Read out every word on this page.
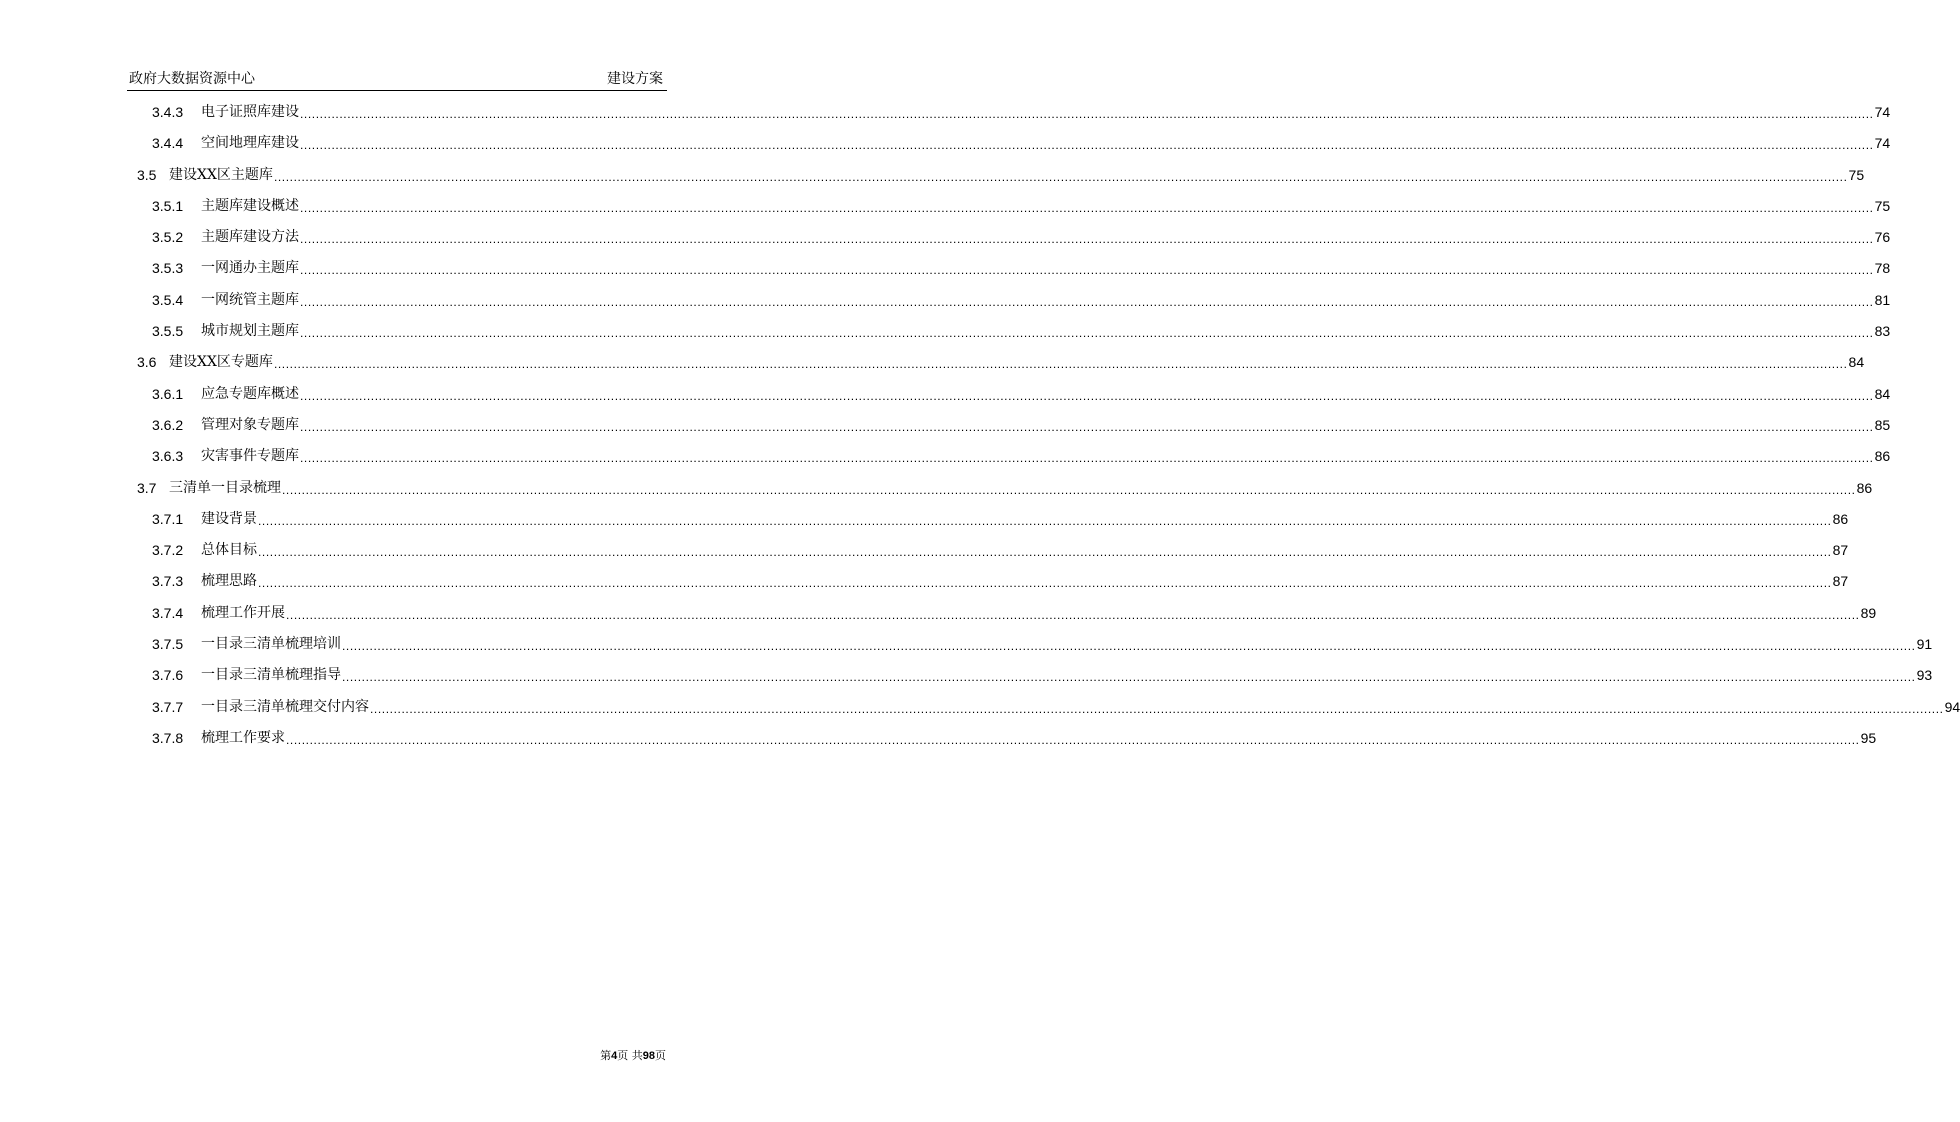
政府大数据资源中心	建设方案
3.4.3 电子证照库建设 ................................................................................................................................................................................................................................................................................................................................................................................................................ 74
3.4.4 空间地理库建设 ................................................................................................................................................................................................................................................................................................................................................................................................................ 74
3.5 建设XX区主题库 ................................................................................................................................................................................................................................................................................................................................................................................................................ 75
3.5.1 主题库建设概述 ................................................................................................................................................................................................................................................................................................................................................................................................................ 75
3.5.2 主题库建设方法 ................................................................................................................................................................................................................................................................................................................................................................................................................ 76
3.5.3 一网通办主题库 ................................................................................................................................................................................................................................................................................................................................................................................................................ 78
3.5.4 一网统管主题库 ................................................................................................................................................................................................................................................................................................................................................................................................................ 81
3.5.5 城市规划主题库 ................................................................................................................................................................................................................................................................................................................................................................................................................ 83
3.6 建设XX区专题库 ................................................................................................................................................................................................................................................................................................................................................................................................................ 84
3.6.1 应急专题库概述 ................................................................................................................................................................................................................................................................................................................................................................................................................ 84
3.6.2 管理对象专题库 ................................................................................................................................................................................................................................................................................................................................................................................................................ 85
3.6.3 灾害事件专题库 ................................................................................................................................................................................................................................................................................................................................................................................................................ 86
3.7 三清单一目录梳理 ................................................................................................................................................................................................................................................................................................................................................................................................................ 86
3.7.1 建设背景 ................................................................................................................................................................................................................................................................................................................................................................................................................ 86
3.7.2 总体目标 ................................................................................................................................................................................................................................................................................................................................................................................................................ 87
3.7.3 梳理思路 ................................................................................................................................................................................................................................................................................................................................................................................................................ 87
3.7.4 梳理工作开展 ................................................................................................................................................................................................................................................................................................................................................................................................................ 89
3.7.5 一目录三清单梳理培训 ................................................................................................................................................................................................................................................................................................................................................................................................................ 91
3.7.6 一目录三清单梳理指导 ................................................................................................................................................................................................................................................................................................................................................................................................................ 93
3.7.7 一目录三清单梳理交付内容 ................................................................................................................................................................................................................................................................................................................................................................................................................ 94
3.7.8 梳理工作要求 ................................................................................................................................................................................................................................................................................................................................................................................................................ 95
第4页 共98页
